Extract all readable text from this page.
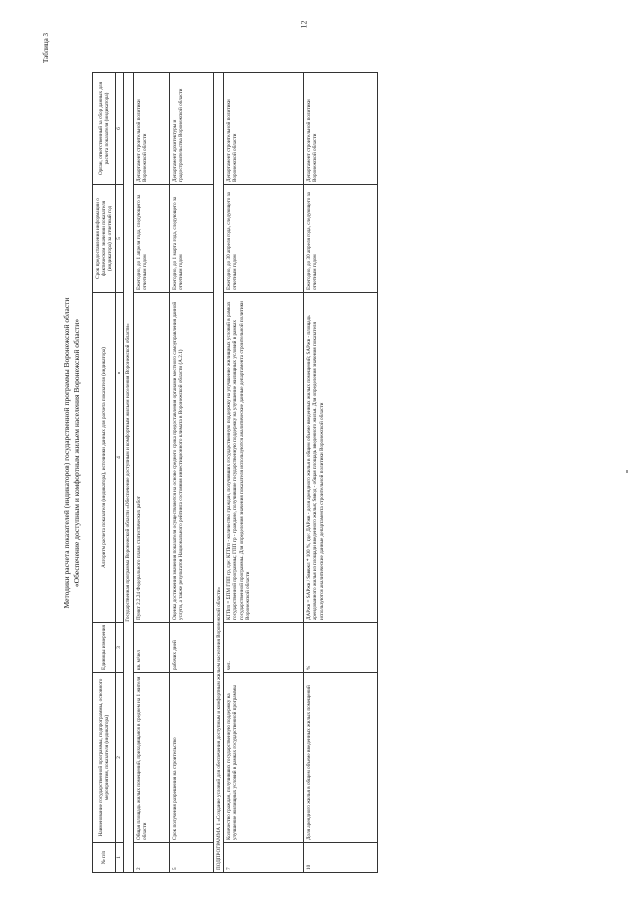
12
Таблица 3
Методики расчета показателей (индикаторов) государственной программы Воронежской области «Обеспечение доступным и комфортным жильем населения Воронежской области»
№ п/п	Наименование государственной программы, подпрограммы, основного мероприятия, показателя (индикатора)	Единицы измерения	Алгоритм расчета показателя (индикатора), источники данных для расчета показателя (индикатора)	Срок предоставления информации о фактическом значении показателя (индикатора) за отчетный год	Орган, ответственный за сбор данных для расчета показателя (индикатора)
1	2	3	4	5	6
Государственная программа Воронежской области «Обеспечение доступным и комфортным жильем населения Воронежской области»					
2	Общая площадь жилых помещений, приходящаяся в среднем на 1 жителя области	кв. м/чел	Пункт 2.2.24 Федерального плана статистических работ	Ежегодно, до 1 апреля года, следующего за отчетным годом	Департамент строительной политики Воронежской области
5	Срок получения разрешения на строительство	рабочих дней	Оценка достижения значения показателя осуществляется на основе среднего срока предоставления органами местного самоуправления данной услуги, а также результатов Национального рейтинга состояния инвестиционного климата в Воронежской области (А.2.1)	Ежегодно, до 1 марта года, следующего за отчетным годом	Департамент архитектуры и градостроительства Воронежской области
ПОДПРОГРАММА 1 «Создание условий для обеспечения доступным и комфортным жильем населения Воронежской области»					
7	Количество граждан, получивших государственную поддержку на улучшение жилищных условий в рамках государственной программы	чел.	КГПгп = ΣПМ ГПП гр, где: КГПгп - количество граждан, получивших государственную поддержку на улучшение жилищных условий в рамках государственной программы; ГПП гр - граждане, получившие государственную поддержку на улучшение жилищных условий в рамках государственной программы. Для определения значения показателя используются аналитические данные департамента строительной политики Воронежской области	Ежегодно, до 30 апреля года, следующего за отчетным годом	Департамент строительной политики Воронежской области
10	Доля арендного жилья в общем объеме введенных жилых помещений	%	ДАРжв = SАРжв / Sвввжл * 100 %, где: ДАРжв - доля арендного жилья в общем объеме введенных жилых помещений; SАРжв - площадь арендованного жилья из площади введенного жилья; Sввод - общая площадь введенного жилья. Для определения значения показателя используются аналитические данные департамента строительной политики Воронежской области	Ежегодно, до 30 апреля года, следующего за отчетным годом	Департамент строительной политики Воронежской области
